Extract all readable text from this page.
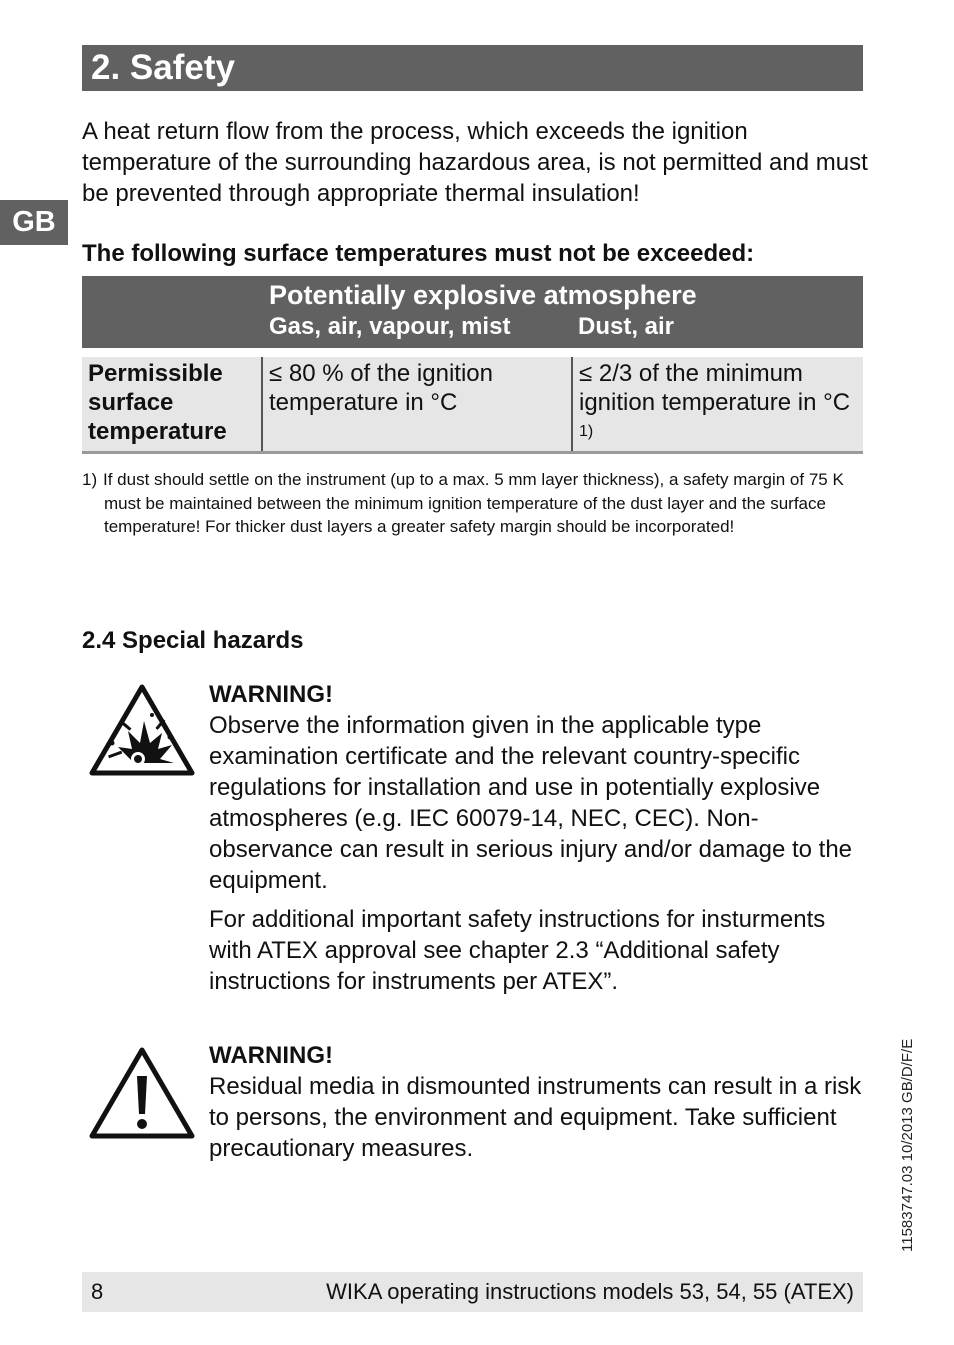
2. Safety
GB

A heat return flow from the process, which exceeds the ignition temperature of the surrounding hazardous area, is not permitted and must be prevented through appropriate thermal insulation!

The following surface temperatures must not be exceeded:

	Potentially explosive atmosphere	
	Gas, air, vapour, mist	Dust, air

Permissible surface temperature	≤ 80 % of the ignition temperature in °C	≤ 2/3 of the minimum ignition temperature in °C $^{1)}$
1) If dust should settle on the instrument (up to a max. 5 mm layer thickness), a safety margin of 75 K must be maintained between the minimum ignition temperature of the dust layer and the surface temperature! For thicker dust layers a greater safety margin should be incorporated!
2.4 Special hazards
WARNING!
Observe the information given in the applicable type examination certificate and the relevant country-specific regulations for installation and use in potentially explosive atmospheres (e.g. IEC 60079-14, NEC, CEC). Non-observance can result in serious injury and/or damage to the equipment.
For additional important safety instructions for insturments with ATEX approval see chapter 2.3 “Additional safety instructions for instruments per ATEX”.
WARNING!
Residual media in dismounted instruments can result in a risk to persons, the environment and equipment. Take sufficient precautionary measures.	11583747.03 10/2013 GB/D/F/E
8	WIKA operating instructions models 53, 54, 55 (ATEX)
